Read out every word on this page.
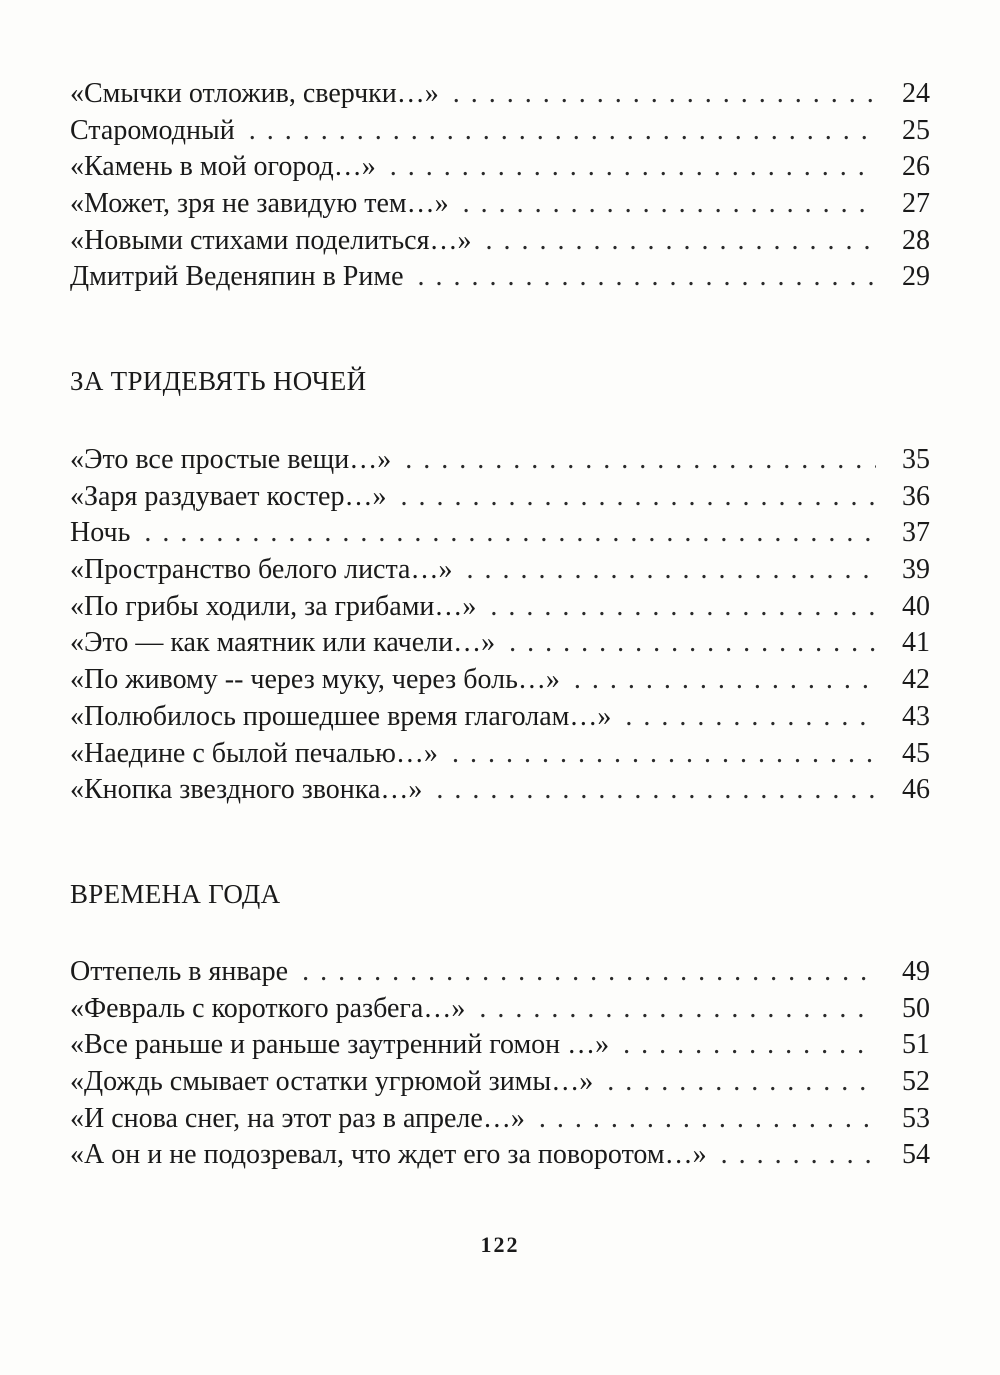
«Смычки отложив, сверчки…» . . .	24
Старомодный . . .	25
«Камень в мой огород…» . . .	26
«Может, зря не завидую тем…» . . .	27
«Новыми стихами поделиться…» . . .	28
Дмитрий Веденяпин в Риме . . .	29
ЗА ТРИДЕВЯТЬ НОЧЕЙ
«Это все простые вещи…» . . .	35
«Заря раздувает костер…» . . .	36
Ночь . . .	37
«Пространство белого листа…» . . .	39
«По грибы ходили, за грибами…» . . .	40
«Это — как маятник или качели…» . . .	41
«По живому -- через муку, через боль…» . . .	42
«Полюбилось прошедшее время глаголам…» . . .	43
«Наедине с былой печалью…» . . .	45
«Кнопка звездного звонка…» . . .	46
ВРЕМЕНА ГОДА
Оттепель в январе . . .	49
«Февраль с короткого разбега…» . . .	50
«Все раньше и раньше заутренний гомон …» . . .	51
«Дождь смывает остатки угрюмой зимы…» . . .	52
«И снова снег, на этот раз в апреле…» . . .	53
«А он и не подозревал, что ждет его за поворотом…» . . .	54
122
